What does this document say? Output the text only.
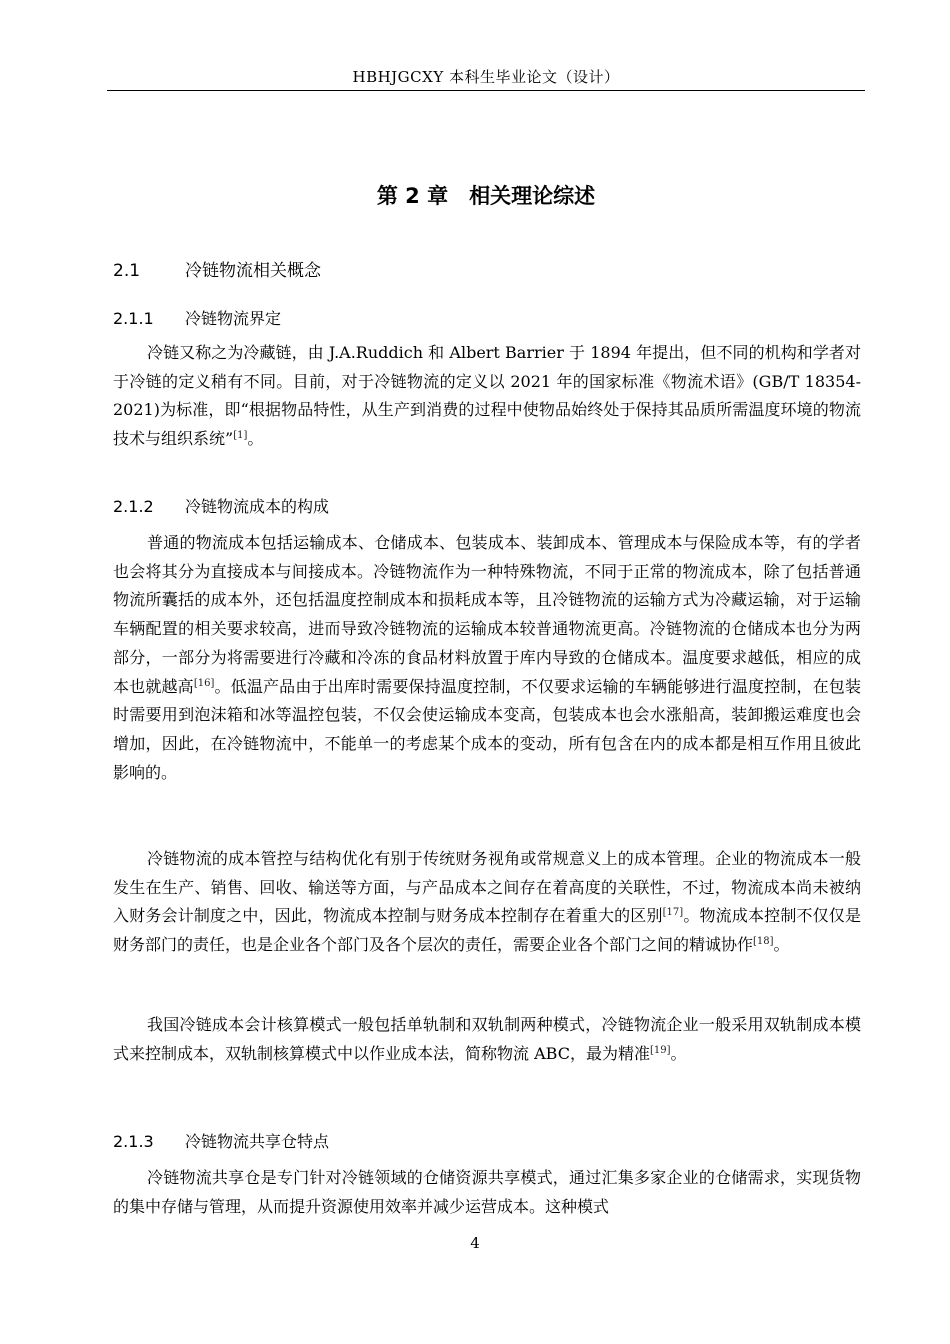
HBHJGCXY 本科生毕业论文（设计）
第 2 章　相关理论综述
2.1	冷链物流相关概念
2.1.1 冷链物流界定

冷链又称之为冷藏链，由 J.A.Ruddich 和 Albert Barrier 于 1894 年提出，但不同的机构和学者对于冷链的定义稍有不同。目前，对于冷链物流的定义以 2021 年的国家标准《物流术语》(GB/T 18354-2021)为标准，即“根据物品特性，从生产到消费的过程中使物品始终处于保持其品质所需温度环境的物流技术与组织系统”[1]。

2.1.2 冷链物流成本的构成

普通的物流成本包括运输成本、仓储成本、包装成本、装卸成本、管理成本与保险成本等，有的学者也会将其分为直接成本与间接成本。冷链物流作为一种特殊物流，不同于正常的物流成本，除了包括普通物流所囊括的成本外，还包括温度控制成本和损耗成本等，且冷链物流的运输方式为冷藏运输，对于运输车辆配置的相关要求较高，进而导致冷链物流的运输成本较普通物流更高。冷链物流的仓储成本也分为两部分，一部分为将需要进行冷藏和冷冻的食品材料放置于库内导致的仓储成本。温度要求越低，相应的成本也就越高[16]。低温产品由于出库时需要保持温度控制，不仅要求运输的车辆能够进行温度控制，在包装时需要用到泡沫箱和冰等温控包装，不仅会使运输成本变高，包装成本也会水涨船高，装卸搬运难度也会增加，因此，在冷链物流中，不能单一的考虑某个成本的变动，所有包含在内的成本都是相互作用且彼此影响的。

冷链物流的成本管控与结构优化有别于传统财务视角或常规意义上的成本管理。企业的物流成本一般发生在生产、销售、回收、输送等方面，与产品成本之间存在着高度的关联性，不过，物流成本尚未被纳入财务会计制度之中，因此，物流成本控制与财务成本控制存在着重大的区别[17]。物流成本控制不仅仅是财务部门的责任，也是企业各个部门及各个层次的责任，需要企业各个部门之间的精诚协作[18]。

我国冷链成本会计核算模式一般包括单轨制和双轨制两种模式，冷链物流企业一般采用双轨制成本模式来控制成本，双轨制核算模式中以作业成本法，简称物流 ABC，最为精准[19]。

2.1.3 冷链物流共享仓特点

冷链物流共享仓是专门针对冷链领域的仓储资源共享模式，通过汇集多家企业的仓储需求，实现货物的集中存储与管理，从而提升资源使用效率并减少运营成本。这种模式

4
